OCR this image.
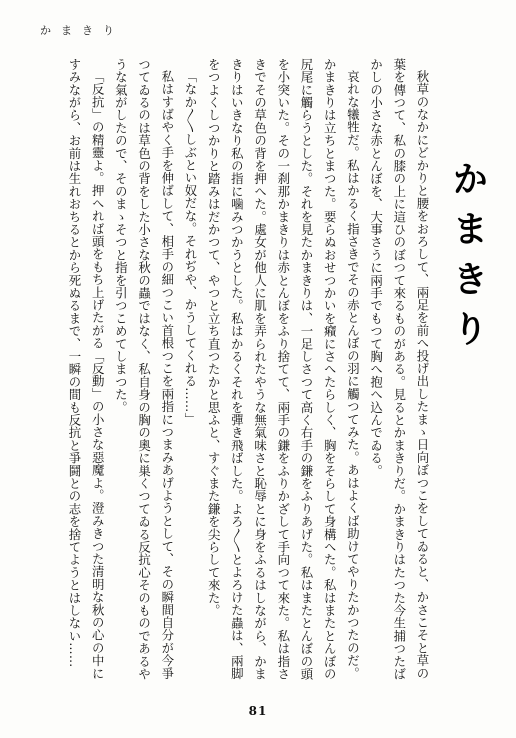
かまきり
かまきり

秋草のなかにどかりと腰をおろして、兩足を前へ投げ出したまゝ日向ぼつこをしてゐると、かさこそと草の葉を傳つて、私の膝の上に這ひのぼつて來るものがある。見るとかまきりだ。かまきりはたつた今生捕つたばかしの小さな赤とんぼを、大事さうに兩手でもつて胸へ抱へ込んでゐる。

哀れな犧牲だ。私はかるく指さきでその赤とんぼの羽に觸つてみた。あはよくば助けてやりたかつたのだ。かまきりは立ちとまつた。要らぬおせつかいを癪にさへたらしく、胸をそらして身構へた。私はまたとんぼの尻尾に觸らうとした。それを見たかまきりは、一足しさつて高く右手の鎌をふりあげた。私はまたとんぼの頭を小突いた。その一刹那かまきりは赤とんぼをふり捨てて、兩手の鎌をふりかざして手向つて來た。私は指さきでその草色の背を押へた。處女が他人に肌を弄られたやうな無氣味さと恥辱とに身をふるはしながら、かまきりはいきなり私の指に噛みつかうとした。私はかるくそれを彈き飛ばした。よろ〳〵とよろけた蟲は、兩脚をつよくしつかりと踏みはだかつて、やつと立ち直つたかと思ふと、すぐまた鎌を尖らして來た。

「なか〳〵しぶとい奴だな。それぢや、かうしてくれる……」

私はすばやく手を伸ばして、相手の細つこい首根つこを兩指につまみあげようとして、その瞬間自分が今爭つてゐるのは草色の背をした小さな秋の蟲ではなく、私自身の胸の奧に巣くつてゐる反抗心そのものであるやうな氣がしたので、そのまゝそつと指を引つこめてしまつた。

「反抗」の精靈よ。押へれば頭をもち上げたがる「反動」の小さな惡魔よ。澄みきつた清明な秋の心の中にすみながら、お前は生れおちるとから死ぬるまで、一瞬の間も反抗と爭鬪との志を捨てようとはしない……

81
